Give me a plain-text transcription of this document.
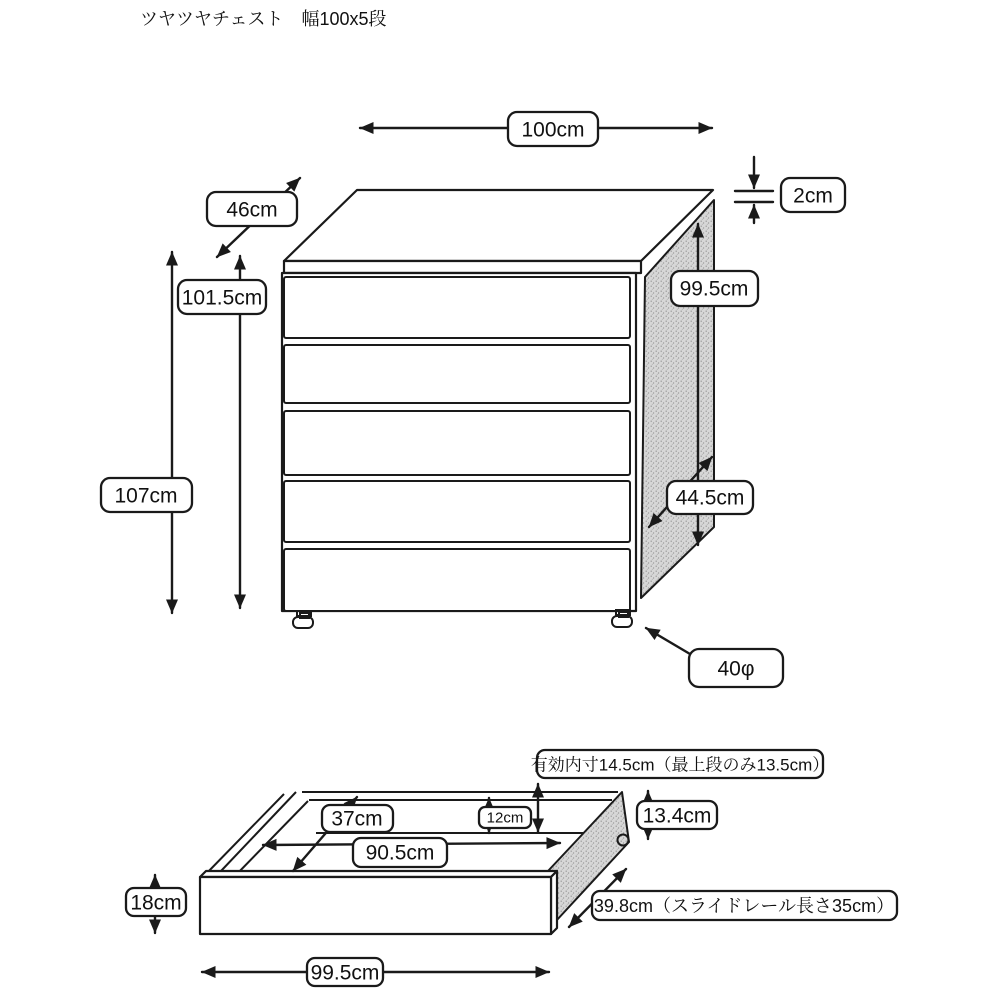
ツヤツヤチェスト　幅100x5段
100cm
46cm
2cm
101.5cm
107cm
99.5cm
44.5cm
40φ
有効内寸14.5cm（最上段のみ13.5cm）
37cm	12cm
90.5cm
13.4cm
39.8cm（スライドレール長さ35cm）
18cm
99.5cm
